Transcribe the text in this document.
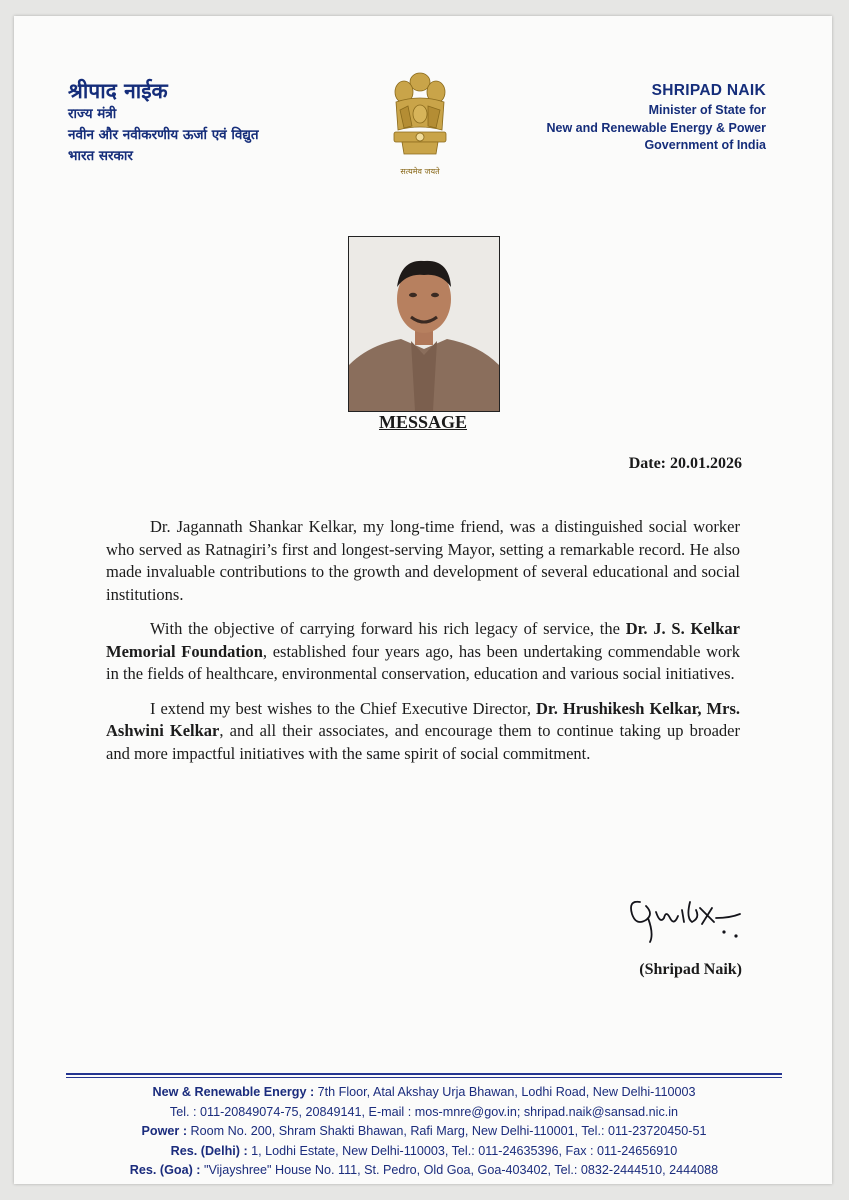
श्रीपाद नाईक
राज्य मंत्री
नवीन और नवीकरणीय ऊर्जा एवं विद्युत
भारत सरकार
सत्यमेव जयते
SHRIPAD NAIK
Minister of State for
New and Renewable Energy & Power
Government of India
MESSAGE
Date: 20.01.2026

Dr. Jagannath Shankar Kelkar, my long-time friend, was a distinguished social worker who served as Ratnagiri’s first and longest-serving Mayor, setting a remarkable record. He also made invaluable contributions to the growth and development of several educational and social institutions.

With the objective of carrying forward his rich legacy of service, the Dr. J. S. Kelkar Memorial Foundation, established four years ago, has been undertaking commendable work in the fields of healthcare, environmental conservation, education and various social initiatives.

I extend my best wishes to the Chief Executive Director, Dr. Hrushikesh Kelkar, Mrs. Ashwini Kelkar, and all their associates, and encourage them to continue taking up broader and more impactful initiatives with the same spirit of social commitment.

(Shripad Naik)
New & Renewable Energy : 7th Floor, Atal Akshay Urja Bhawan, Lodhi Road, New Delhi-110003
Tel. : 011-20849074-75, 20849141, E-mail : mos-mnre@gov.in; shripad.naik@sansad.nic.in
Power : Room No. 200, Shram Shakti Bhawan, Rafi Marg, New Delhi-110001, Tel.: 011-23720450-51
Res. (Delhi) : 1, Lodhi Estate, New Delhi-110003, Tel.: 011-24635396, Fax : 011-24656910
Res. (Goa) : "Vijayshree" House No. 111, St. Pedro, Old Goa, Goa-403402, Tel.: 0832-2444510, 2444088
